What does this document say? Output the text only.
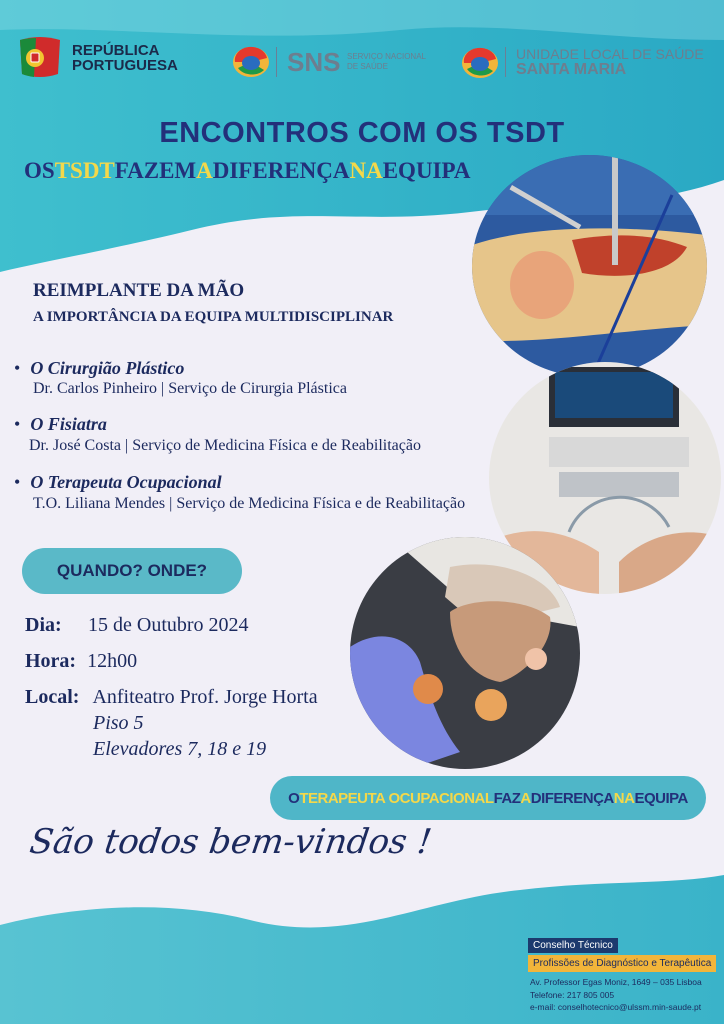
REPÚBLICA
PORTUGUESA	SNS SERVIÇO NACIONAL
DE SAÚDE
UNIDADE LOCAL DE SAÚDE
SANTA MARIA
ENCONTROS COM OS TSDT
OSTSDTFAZEMADIFERENÇANAEQUIPA
REIMPLANTE DA MÃO
A IMPORTÂNCIA DA EQUIPA MULTIDISCIPLINAR
• O Cirurgião Plástico
Dr. Carlos Pinheiro | Serviço de Cirurgia Plástica
• O Fisiatra
Dr. José Costa | Serviço de Medicina Física e de Reabilitação
• O Terapeuta Ocupacional
T.O. Liliana Mendes | Serviço de Medicina Física e de Reabilitação
QUANDO? ONDE?
Dia: 15 de Outubro 2024
Hora: 12h00
Local: Anfiteatro Prof. Jorge Horta
Piso 5
Elevadores 7, 18 e 19
O TERAPEUTA OCUPACIONAL FAZ A DIFERENÇA NA EQUIPA
São todos bem-vindos !
Conselho Técnico
Profissões de Diagnóstico e Terapêutica
Av. Professor Egas Moniz, 1649 – 035 Lisboa
Telefone: 217 805 005
e-mail: conselhotecnico@ulssm.min-saude.pt
